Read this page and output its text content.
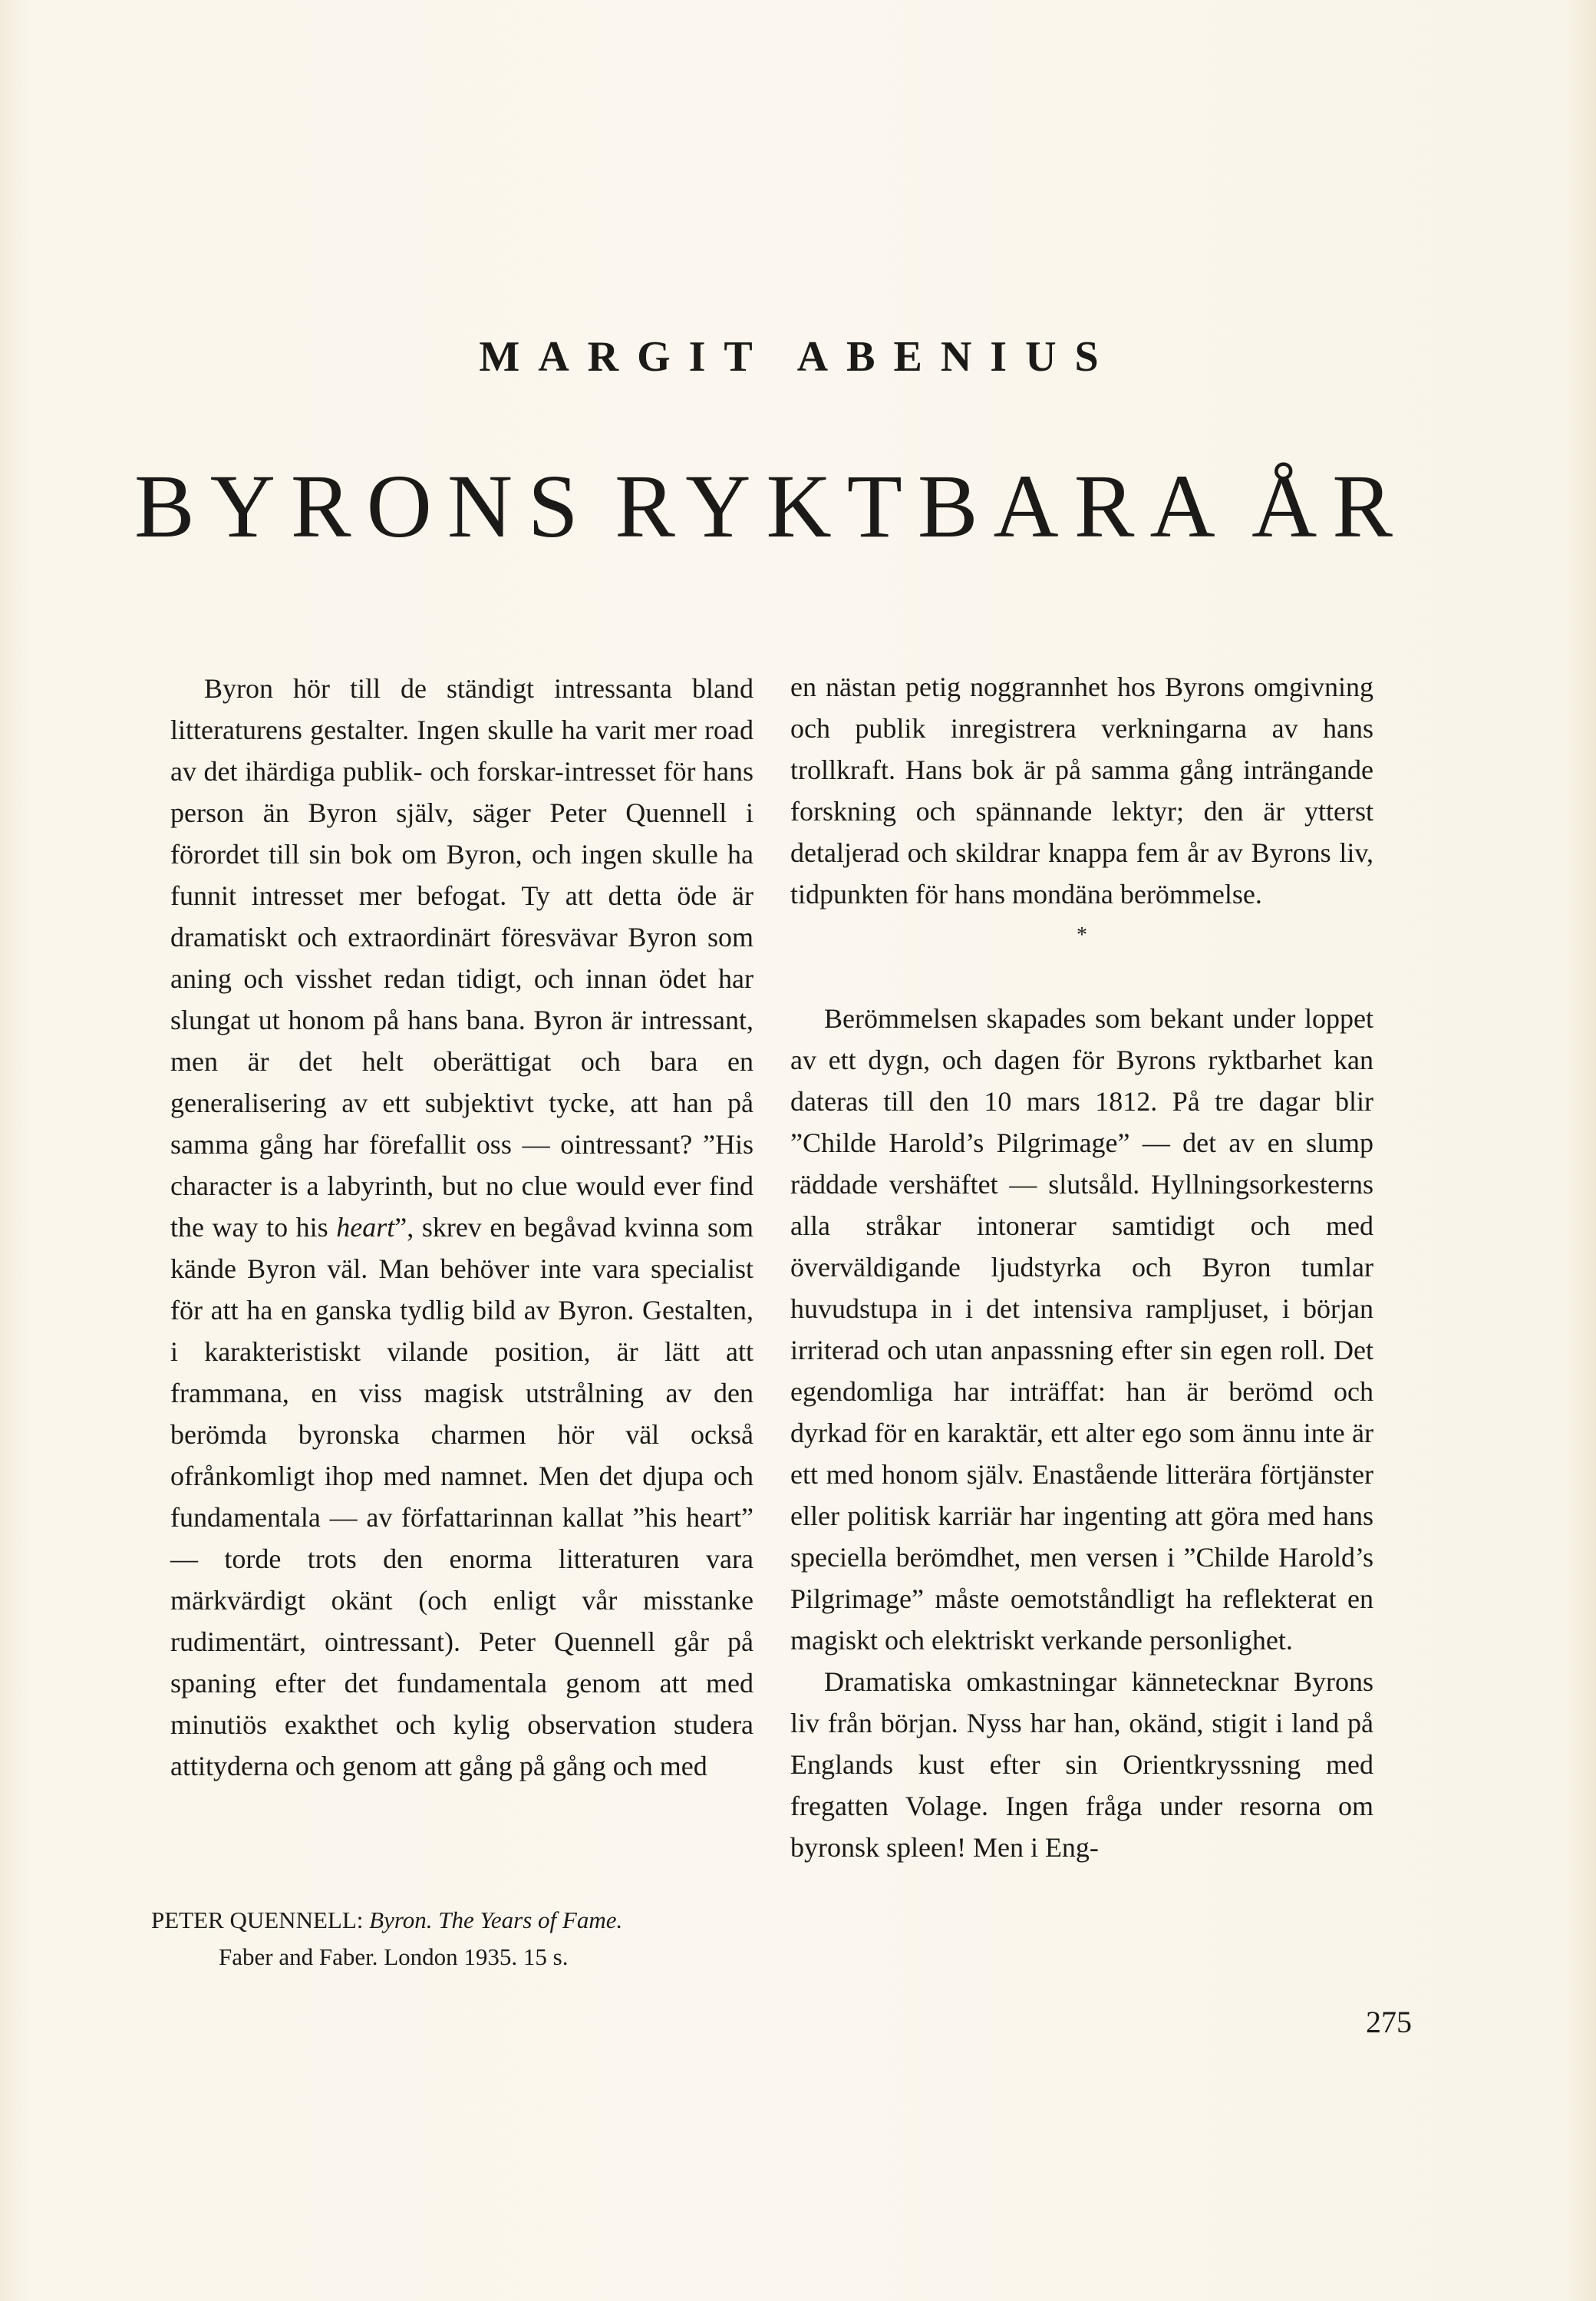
MARGIT ABENIUS
BYRONS RYKTBARA ÅR

Byron hör till de ständigt intressanta bland litteraturens gestalter. Ingen skulle ha varit mer road av det ihärdiga publik- och forskar-intresset för hans person än Byron själv, säger Peter Quennell i förordet till sin bok om Byron, och ingen skulle ha funnit intresset mer befogat. Ty att detta öde är dramatiskt och extraordinärt föresvävar Byron som aning och visshet redan tidigt, och innan ödet har slungat ut honom på hans bana. Byron är intressant, men är det helt oberättigat och bara en generalisering av ett subjektivt tycke, att han på samma gång har förefallit oss — ointressant? ”His character is a labyrinth, but no clue would ever find the way to his heart”, skrev en begåvad kvinna som kände Byron väl. Man behöver inte vara specialist för att ha en ganska tydlig bild av Byron. Gestalten, i karakteristiskt vilande position, är lätt att frammana, en viss magisk utstrålning av den berömda byronska charmen hör väl också ofrånkomligt ihop med namnet. Men det djupa och fundamentala — av författarinnan kallat ”his heart” — torde trots den enorma litteraturen vara märkvärdigt okänt (och enligt vår misstanke rudimentärt, ointressant). Peter Quennell går på spaning efter det fundamentala genom att med minutiös exakthet och kylig observation studera attityderna och genom att gång på gång och med

en nästan petig noggrannhet hos Byrons omgivning och publik inregistrera verkningarna av hans trollkraft. Hans bok är på samma gång inträngande forskning och spännande lektyr; den är ytterst detaljerad och skildrar knappa fem år av Byrons liv, tidpunkten för hans mondäna berömmelse.

*

Berömmelsen skapades som bekant under loppet av ett dygn, och dagen för Byrons ryktbarhet kan dateras till den 10 mars 1812. På tre dagar blir ”Childe Harold’s Pilgrimage” — det av en slump räddade vershäftet — slutsåld. Hyllningsorkesterns alla stråkar intonerar samtidigt och med överväldigande ljudstyrka och Byron tumlar huvudstupa in i det intensiva rampljuset, i början irriterad och utan anpassning efter sin egen roll. Det egendomliga har inträffat: han är berömd och dyrkad för en karaktär, ett alter ego som ännu inte är ett med honom själv. Enastående litterära förtjänster eller politisk karriär har ingenting att göra med hans speciella berömdhet, men versen i ”Childe Harold’s Pilgrimage” måste oemotståndligt ha reflekterat en magiskt och elektriskt verkande personlighet.

Dramatiska omkastningar kännetecknar Byrons liv från början. Nyss har han, okänd, stigit i land på Englands kust efter sin Orientkryssning med fregatten Volage. Ingen fråga under resorna om byronsk spleen! Men i Eng-

PETER QUENNELL: Byron. The Years of Fame.
Faber and Faber. London 1935. 15 s.

275
